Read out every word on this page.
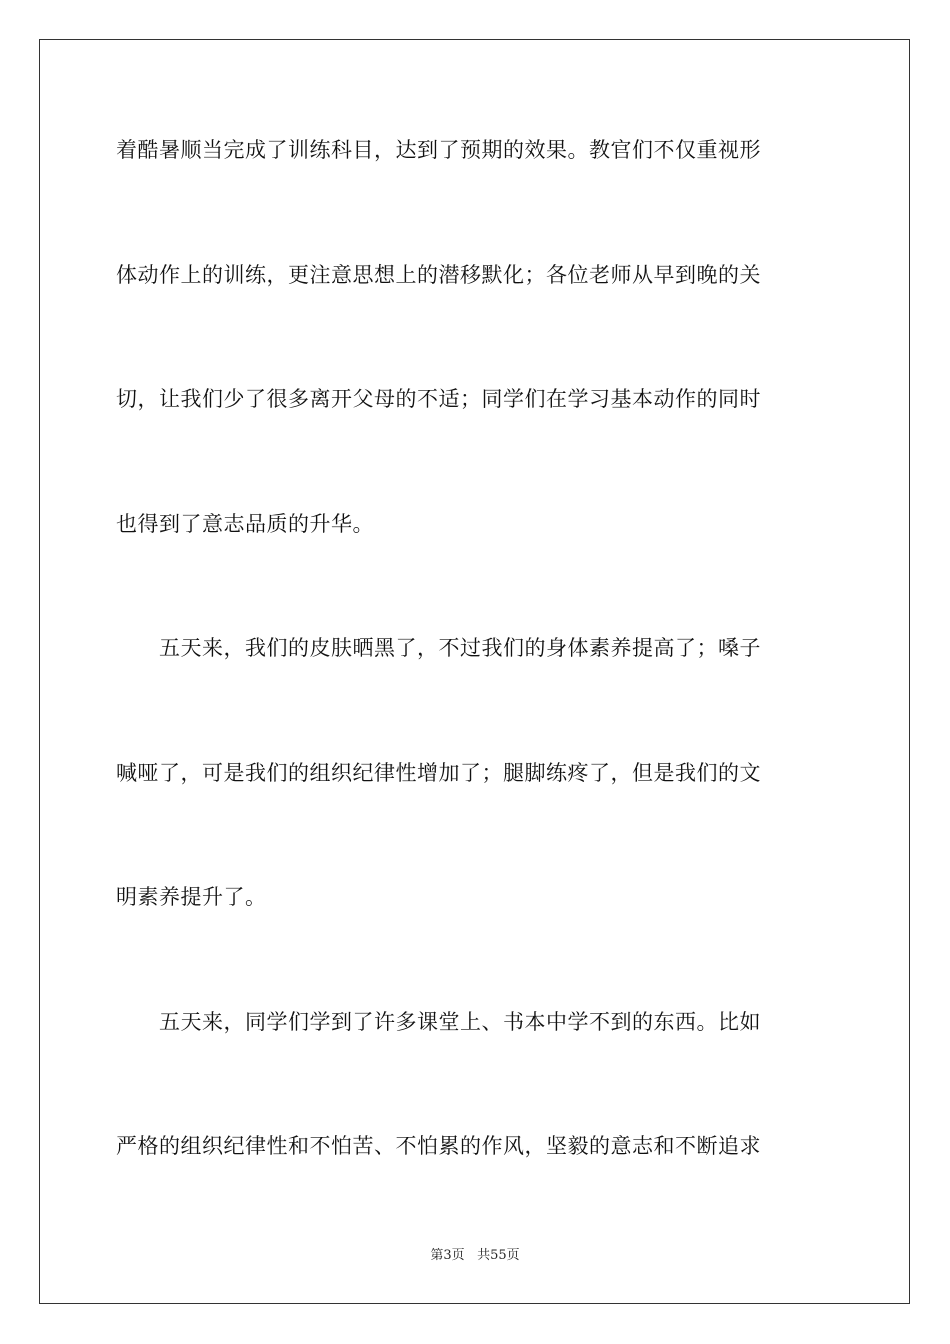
着酷暑顺当完成了训练科目，达到了预期的效果。教官们不仅重视形
体动作上的训练，更注意思想上的潜移默化；各位老师从早到晚的关
切，让我们少了很多离开父母的不适；同学们在学习基本动作的同时
也得到了意志品质的升华。
　　五天来，我们的皮肤晒黑了，不过我们的身体素养提高了；嗓子
喊哑了，可是我们的组织纪律性增加了；腿脚练疼了，但是我们的文
明素养提升了。
　　五天来，同学们学到了许多课堂上、书本中学不到的东西。比如
严格的组织纪律性和不怕苦、不怕累的作风，坚毅的意志和不断追求
第3页 共55页
